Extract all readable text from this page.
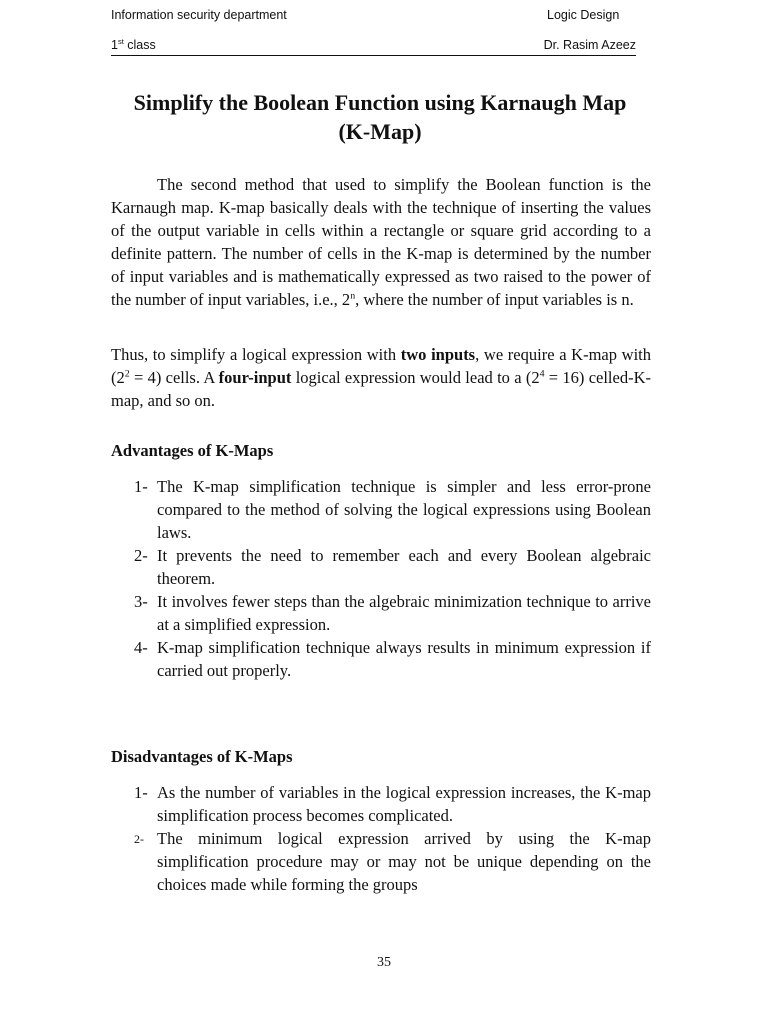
Information security department	Logic Design
1st class	Dr. Rasim Azeez
Simplify the Boolean Function using Karnaugh Map
(K-Map)

The second method that used to simplify the Boolean function is the Karnaugh map. K-map basically deals with the technique of inserting the values of the output variable in cells within a rectangle or square grid according to a definite pattern. The number of cells in the K-map is determined by the number of input variables and is mathematically expressed as two raised to the power of the number of input variables, i.e., 2$^n$, where the number of input variables is n.

Thus, to simplify a logical expression with two inputs, we require a K-map with $(2^2 = 4)$ cells. A four-input logical expression would lead to a $(2^4 = 16)$ celled-K-map, and so on.

Advantages of K-Maps
1- The K-map simplification technique is simpler and less error-prone compared to the method of solving the logical expressions using Boolean laws.
2- It prevents the need to remember each and every Boolean algebraic theorem.
3- It involves fewer steps than the algebraic minimization technique to arrive at a simplified expression.
4- K-map simplification technique always results in minimum expression if carried out properly.
Disadvantages of K-Maps
1- As the number of variables in the logical expression increases, the K-map simplification process becomes complicated.
2- The minimum logical expression arrived by using the K-map simplification procedure may or may not be unique depending on the choices made while forming the groups
35
